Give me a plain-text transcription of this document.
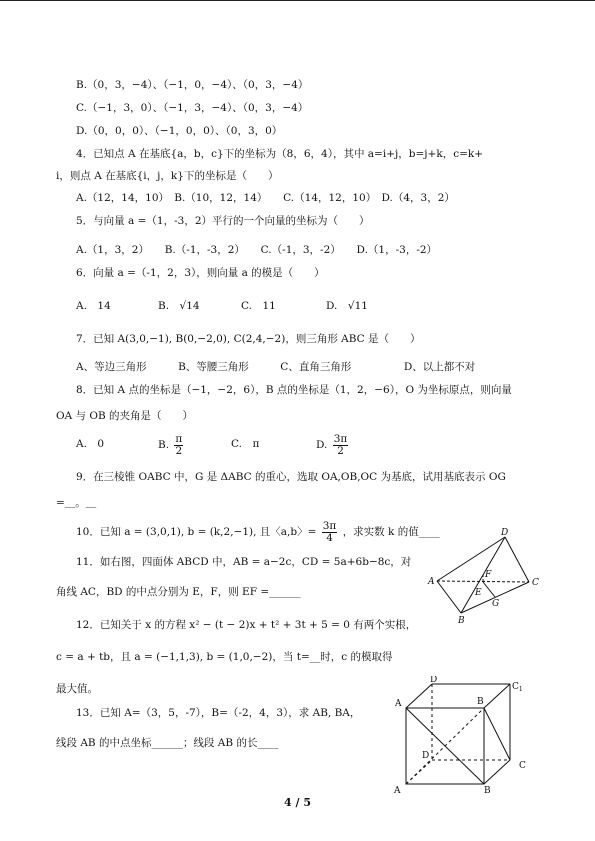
B.（0，3，−4）、（−1，0，−4）、（0，3，−4）
C.（−1，3，0）、（−1，3，−4）、（0，3，−4）
D.（0，0，0）、（−1，0，0）、（0，3，0）
4．已知点 A 在基底{a，b，c}下的坐标为（8，6，4），其中 a=i+j，b=j+k，c=k+
i，则点 A 在基底{i，j，k}下的坐标是（　　）
A.（12，14，10）　B.（10，12，14）　　C.（14，12，10）　D.（4，3，2）
5．与向量 a =（1，-3，2）平行的一个向量的坐标为（　　）
A.（1，3，2）　　B.（-1，-3，2）　　C.（-1，3，-2）　　D.（1，-3，-2）
6．向量 a =（-1，2，3），则向量 a 的模是（　　）
A.　14	B.　√14	C.　11	D.　√11
7．已知 A(3,0,−1), B(0,−2,0), C(2,4,−2)，则三角形 ABC 是（　　）
A、等边三角形　　　B、等腰三角形　　　C、直角三角形　　　　　D、以上都不对
8．已知 A 点的坐标是（−1，−2，6），B 点的坐标是（1，2，−6），O 为坐标原点，则向量
OA 与 OB 的夹角是（　　）
A.　0	B. $\frac{\pi}{2}$	C.　π	D. $\frac{3\pi}{2}$
9．在三棱锥 OABC 中，G 是 ΔABC 的重心，选取 OA,OB,OC 为基底，试用基底表示 OG
=＿。＿
10．已知 a = (3,0,1), b = (k,2,−1), 且〈a,b〉= $\frac{3\pi}{4}$ ，求实数 k 的值____
11．如右图，四面体 ABCD 中，AB = a−2c，CD = 5a+6b−8c，对
角线 AC，BD 的中点分别为 E，F，则 EF =______
12．已知关于 x 的方程 x² − (t − 2)x + t² + 3t + 5 = 0 有两个实根，
c = a + tb，且 a = (−1,1,3), b = (1,0,−2)，当 t=__时，c 的模取得
最大值。
13．已知 A=（3，5，-7），B=（-2，4，3），求 AB, BA，
线段 AB 的中点坐标______；线段 AB 的长____
D
A	C
B
F
E
G
A
D
B
$C_1$
D
C
A	B
4 / 5
